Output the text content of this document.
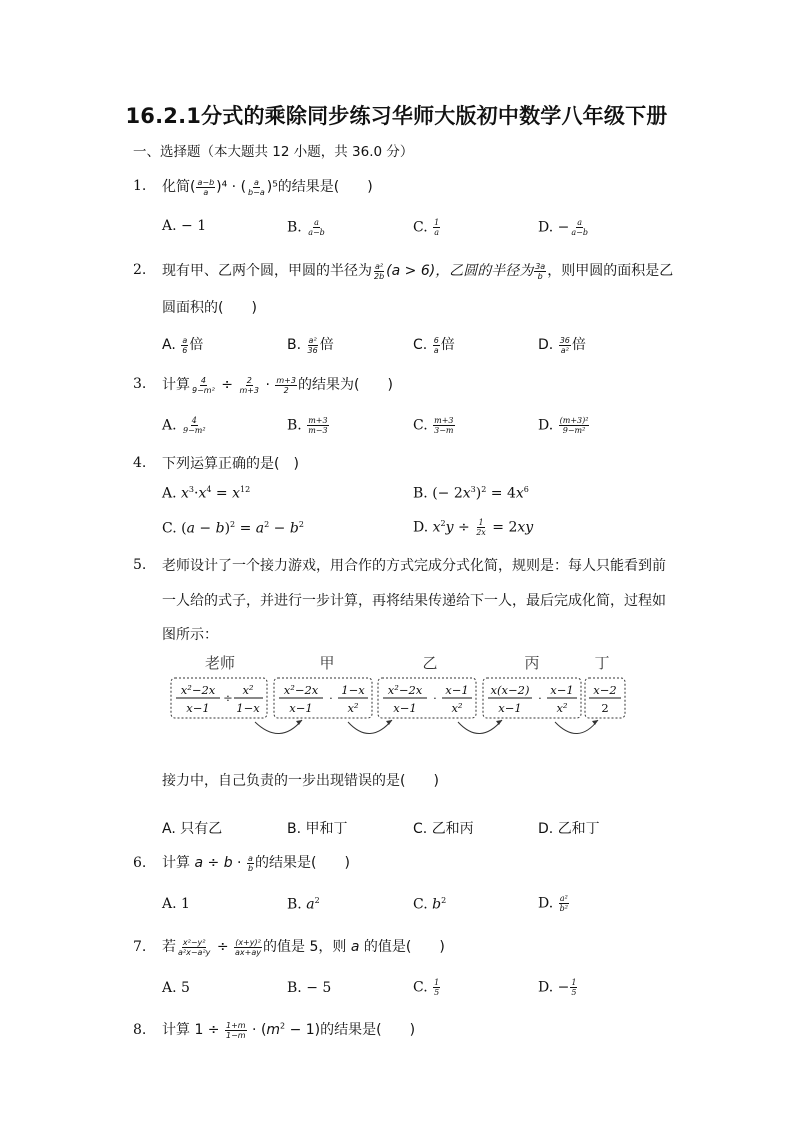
16.2.1分式的乘除同步练习华师大版初中数学八年级下册
一、选择题（本大题共 12 小题，共 36.0 分）
1. 化简( $\frac{a-b}{a} )^4$ · ( $\frac{a}{b-a} )^5$的结果是(　　)
A. − 1	B. $\frac{a}{a-b}$	C. $\frac{1}{a}$	D. − $\frac{a}{a-b}$
2. 现有甲、乙两个圆，甲圆的半径为 $\frac{\text{a²}}{2b} (a > 6)$，乙圆的半径为 $\frac{3a}{b}$ ，则甲圆的面积是乙
圆面积的(　　)
A. $\frac{a}{6}$ 倍	B. $\frac{\text{a²}}{36}$ 倍	C. $\frac{6}{a}$ 倍	D. $\frac{36}{\text{a²}}$ 倍
3. 计算 $\frac{4}{\text{9−m²}} \div \frac{2}{m+3} \cdot \frac{m+3}{2}$ 的结果为(　　)
A. $\frac{4}{\text{9−m²}}$	B. $\frac{m+3}{m-3}$	C. $\frac{m+3}{3-m}$	D. $\frac{\text{(m+3)²}}{\text{9−m²}}$
4. 下列运算正确的是(　)
A. $x^3\cdot x^4 = x^{12}$	B. (− $2x^3)^2 = 4x^6$
C. $(a - b)^2 = a^2 - b^2$	D. $x^2y \div \frac{1}{2x} = 2xy$
5. 老师设计了一个接力游戏，用合作的方式完成分式化简，规则是：每人只能看到前
一人给的式子，并进行一步计算，再将结果传递给下一人，最后完成化简，过程如
图所示：
老师	甲	乙	丙	丁
x²−2x
x−1
÷
x²
1−x
x²−2x
x−1
·
1−x
x²
x²−2x
x−1
·
x−1
x²
x(x−2)
x−1
·
x−1
x²
x−2
2
接力中，自己负责的一步出现错误的是(　　)
A. 只有乙	B. 甲和丁	C. 乙和丙	D. 乙和丁
6. 计算 $a \div b \cdot \frac{a}{b}$ 的结果是(　　)
A. 1	B. $a^2$	C. $b^2$	D. $\frac{\text{a²}}{\text{b²}}$
7. 若 $\frac{\text{x²−y²}}{\text{a²x−a²y}} \div \frac{\text{(x+y)²}}{ax+ay}$ 的值是 5，则 a 的值是(　　)
A. 5	B. − 5	C. $\frac{1}{5}$	D. − $\frac{1}{5}$
8. 计算 $1 \div \frac{1+m}{1-m} \cdot (m^2 - 1)$的结果是(　　)
